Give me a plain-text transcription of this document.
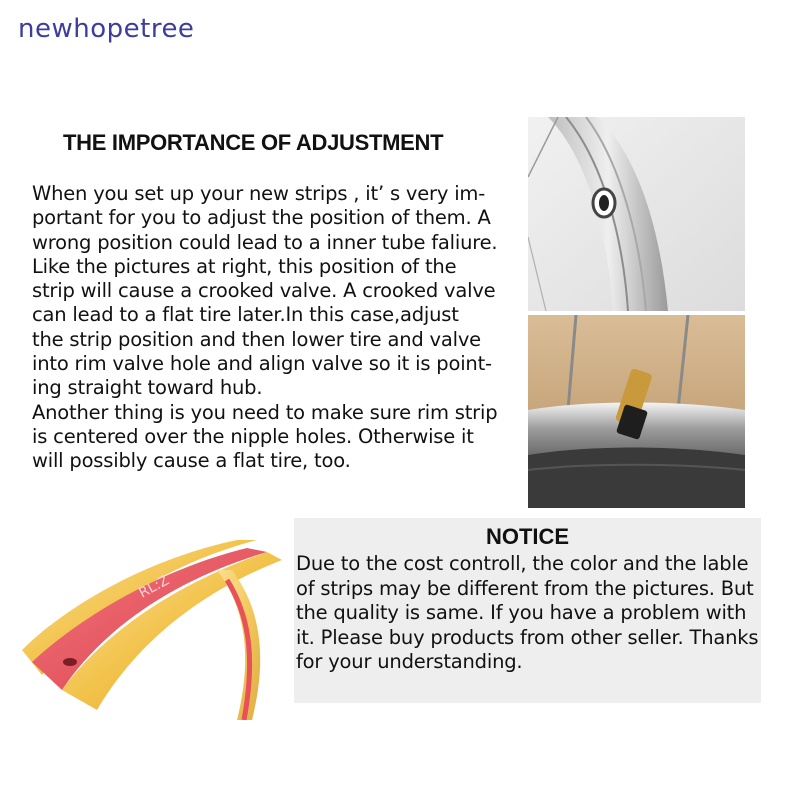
newhopetree
THE IMPORTANCE OF ADJUSTMENT
When you set up your new strips , it’ s very im-
portant for you to adjust the position of them. A
wrong position could lead to a inner tube faliure.
Like the pictures at right, this position of the
strip will cause a crooked valve. A crooked valve
can lead to a flat tire later.In this case,adjust
the strip position and then lower tire and valve
into rim valve hole and align valve so it is point-
ing straight toward hub.
Another thing is you need to make sure rim strip
is centered over the nipple holes. Otherwise it
will possibly cause a flat tire, too.
NOTICE
Due to the cost controll, the color and the lable
of strips may be different from the pictures. But
the quality is same. If you have a problem with
it. Please buy products from other seller. Thanks
for your understanding.
RL:Z
